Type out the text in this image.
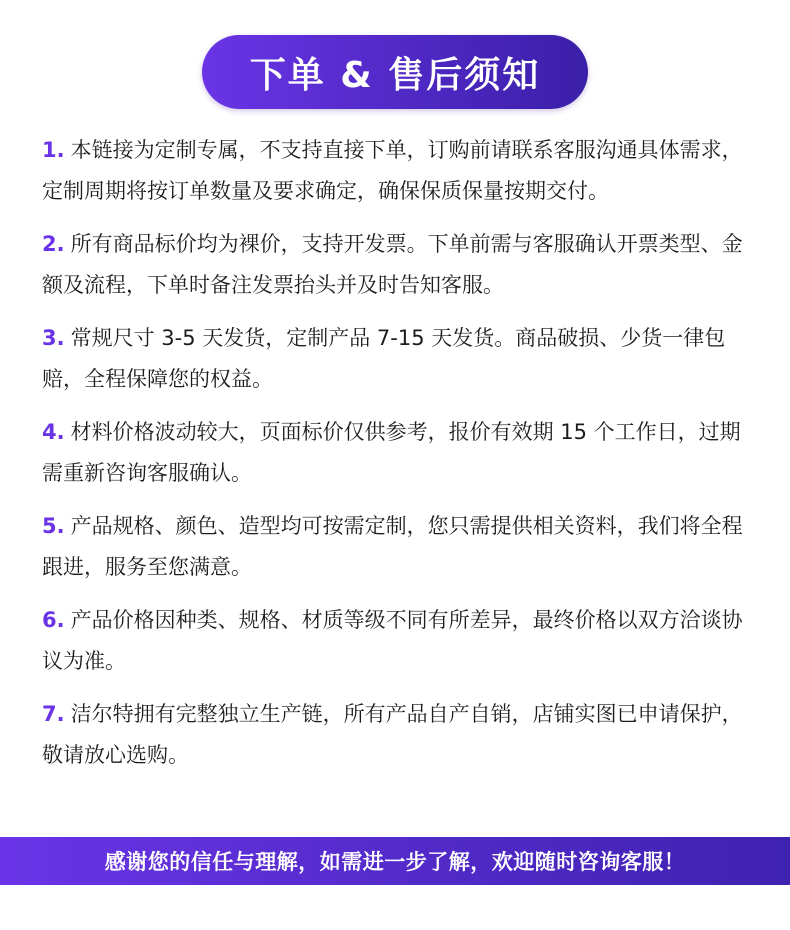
下单 & 售后须知
1. 本链接为定制专属，不支持直接下单，订购前请联系客服沟通具体需求，定制周期将按订单数量及要求确定，确保保质保量按期交付。
2. 所有商品标价均为裸价，支持开发票。下单前需与客服确认开票类型、金额及流程，下单时备注发票抬头并及时告知客服。
3. 常规尺寸 3-5 天发货，定制产品 7-15 天发货。商品破损、少货一律包赔，全程保障您的权益。
4. 材料价格波动较大，页面标价仅供参考，报价有效期 15 个工作日，过期需重新咨询客服确认。
5. 产品规格、颜色、造型均可按需定制，您只需提供相关资料，我们将全程跟进，服务至您满意。
6. 产品价格因种类、规格、材质等级不同有所差异，最终价格以双方洽谈协议为准。
7. 洁尔特拥有完整独立生产链，所有产品自产自销，店铺实图已申请保护，敬请放心选购。
感谢您的信任与理解，如需进一步了解，欢迎随时咨询客服！
